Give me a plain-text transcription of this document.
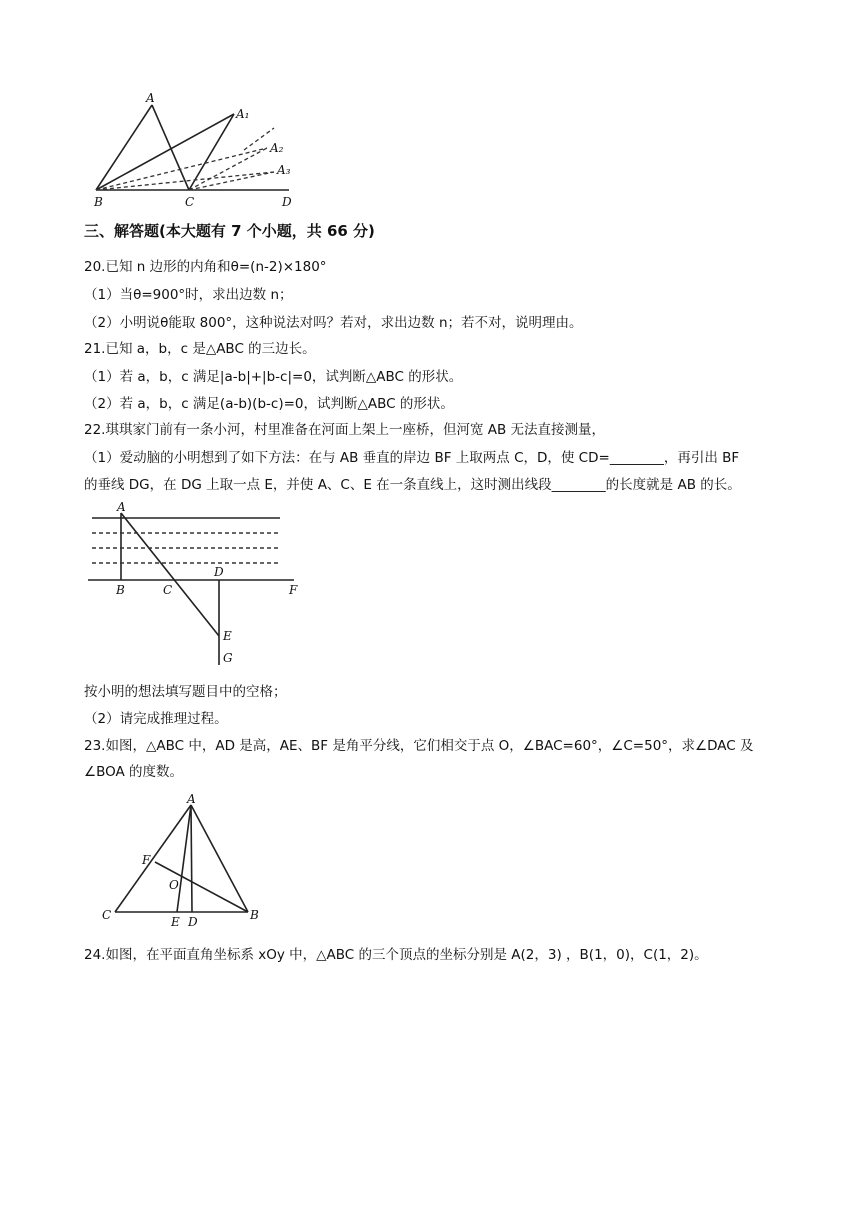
A
A₁
A₂
A₃
B	C	D
三、解答题(本大题有 7 个小题，共 66 分)
20.已知 n 边形的内角和θ=(n-2)×180°
（1）当θ=900°时，求出边数 n；
（2）小明说θ能取 800°，这种说法对吗？若对，求出边数 n；若不对，说明理由。
21.已知 a，b，c 是△ABC 的三边长。
（1）若 a，b，c 满足|a-b|+|b-c|=0，试判断△ABC 的形状。
（2）若 a，b，c 满足(a-b)(b-c)=0，试判断△ABC 的形状。
22.琪琪家门前有一条小河，村里准备在河面上架上一座桥，但河宽 AB 无法直接测量，
（1）爱动脑的小明想到了如下方法：在与 AB 垂直的岸边 BF 上取两点 C，D，使 CD=________，再引出 BF
的垂线 DG，在 DG 上取一点 E，并使 A、C、E 在一条直线上，这时测出线段________的长度就是 AB 的长。
A
B	C
D
F
E
G
按小明的想法填写题目中的空格；
（2）请完成推理过程。
23.如图，△ABC 中，AD 是高，AE、BF 是角平分线，它们相交于点 O，∠BAC=60°，∠C=50°，求∠DAC 及
∠BOA 的度数。
A
F
O
C	E D	B
24.如图，在平面直角坐标系 xOy 中，△ABC 的三个顶点的坐标分别是 A(2，3) ，B(1，0)，C(1，2)。
